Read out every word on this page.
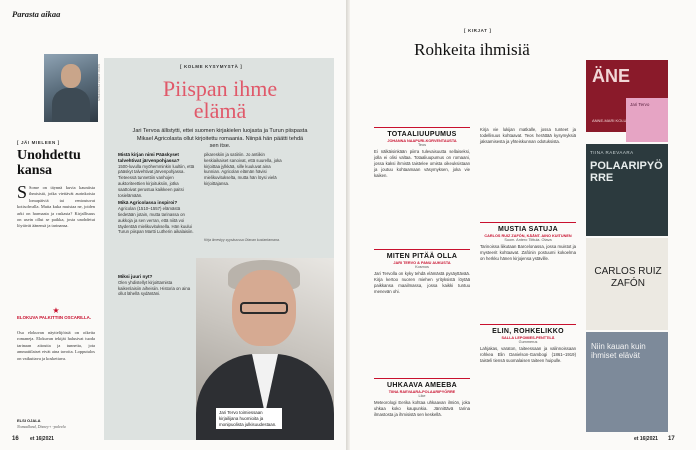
Parasta aikaa
KUVA: JUKKA PEHKONEN
[ JÄI MIELEEN ]
Unohdettu kansa
S Some on täynnä kuvia kauniista ihmisistä, jotka viettävät aurinkoisia lomapäiviä tai rentoutuvat kotisohvalla. Mutta kuka muistaa ne, joiden arki on harmaata ja raskasta? Kirjallisuus on usein ollut se paikka, josta unohdetut löytävät äänensä ja tarinansa.
★
ELOKUVA PALKITTIIN OSCARILLA.
Osa elokuvan näyttelijöistä on oikeita romaneja. Elokuvan tekijät halusivat tuoda tarinaan aitoutta ja tunnetta, jota ammattilaiset eivät aina tavoita. Lopputulos on vaikuttava ja koskettava.
ELSI OJALA
Nomadland, Disney+ -palvelu
16 et 16|2021
[ KOLME KYSYMYSTÄ ]
Piispan ihme elämä
Jari Tervoa ällistytti, ettei suomen kirjakielen luojasta ja Turun piispasta Mikael Agricolasta ollut kirjoitettu romaania. Niinpä hän päätti tehdä sen itse.

Mistä kirjan nimi Pääskyset talvehtivat järvenpohjassa?
1500-luvulla myöhemminkin luultiin, että pääskyt talvehtivat järvenpohjassa. Tieteessä tunnettiin vanhojen auktoriteettien kirjoituksiin, jotka saattoivat perustua kaikkeen paitsi tosielämään.

Mikä Agricolassa inspiroi?
Agricolan (1510–1557) elämästä tiedetään jotain, mutta tarinassa on aukkoja ja sen verran, että niitä voi täydentää mielikuvituksella. Hän kuului Turun piispan Martti Lutherin aikalaisiin.

pikareskiin ja satiiriin. Jo antiikin keskiaikaiset sanoivat, että suurella, joka kirjoittaa jylkkää, sille kuuluvat aina kunnian. Agricolan elämän hävisi mielikuvitukselta, mutta hän löysi vielä kirjoittajansa.

Kirja ilmestyy syyskuussa Otavan kustantamana.
Miksi juuri nyt?
Olen yhdistellyt kirjoittamista kaikenlaisiin aiheisiin. Historia on aina ollut lähellä sydäntäni.
Jari Tervo toimiessaan kirjailijana huomioita ja monipuolista julkisuudestaan.
17
et 16|2021
[ KIRJAT ]
Rohkeita ihmisiä
TOTAALIUUPUMUS
JOHANNA NAAPURI-KORVENTAUSTA
Teos
Ei nälkäisinkään piirra tulevaisuutta sellaiseksi, jolla ei olisi valtaa. Totaaliuupumus on romaani, jossa kaksi ihmistä taistelee omista oikeuksistaan ja joutuu kohtaamaan väsymyksen, joka vie kaiken.
MITEN PITÄÄ OLLA
JARI TERVO & PANU AUKUSTA
Kosmos
Jari Tervolla on kyky tehdä elämästä pysäyttävää. Kirja kertoo nuoren miehen yrityksistä löytää paikkansa maailmassa, jossa kaikki tuntuu menevän ohi.
UHKAAVA AMEEBA
TIINA RAEVAARA-POLAARIPYÖRRE
Like
Meteorologi Eerika kohtaa uhkaavan ilmiön, joka uhkaa koko kaupunkia. Jännittävä tarina ilmastosta ja ihmisistä sen keskellä.
Kirja vie lukijan matkalle, jossa tunteet ja todellisuus kohtaavat. Teos herättää kysymyksiä jaksamisesta ja yhteiskunnan odotuksista.
MUSTIA SATUJA
CARLOS RUIZ ZAFÓN, KÄÄNT. AINO KUITUNEN
Suom. Antero Tiittula. Otava
Tarinoissa liikutaan Barcelonassa, jossa muistot ja mysteerit kohtaavat. Zafónin postuumi kokoelma on herkku hänen kirjojensa ystäville.
ELIN, ROHKELIKKO
SALLA LEPOMIES-PENTTILÄ
Gummerus
Lahjakas, varaton, taiteessaan ja valinnoissaan rohkea Elin Danielson-Gambogi (1861–1919) taisteli tiensä suomalaisen taiteen huipulle.
ÄNE
ANNE-MARI KOLU
Jari Tervo
TIINA RAEVAARA
POLAARIPYÖRRE
CARLOS RUIZ ZAFÓN
Niin kauan kuin ihmiset elävät
